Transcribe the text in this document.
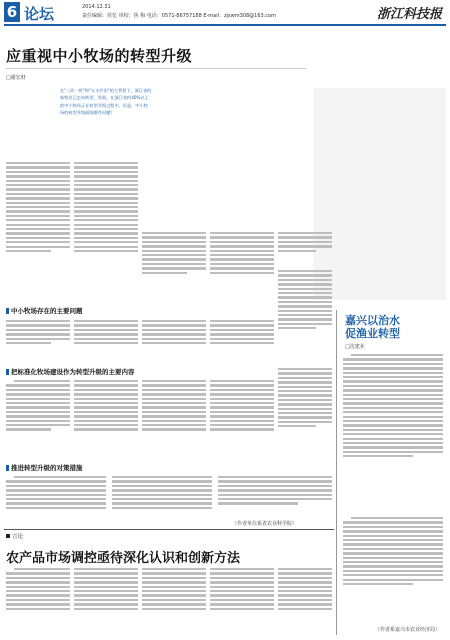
6 论坛	2014.12.31
责任编辑：侯忆 审校：焦 梅 电话：0571-86757188 E-mail：zjswm308@163.com	浙江科技报
应重视中小牧场的转型升级
□谢宏财
在"三改一拆"和"五水共治"的大背景下，浙江省的畜牧业已走向转型、发展。在浙江省约40%以上的中小牧场正在转型升级过程中。但是，中小牧场的转型升级面临哪些问题？
嘉兴以治水
促渔业转型
□沈建业
中小牧场存在的主要问题
把标准化牧场建设作为转型升级的主要内容
推进转型升级的对策措施
（作者单位系省农业科学院）
（作者系嘉兴市农业经济局）
言论
农产品市场调控亟待深化认识和创新方法
